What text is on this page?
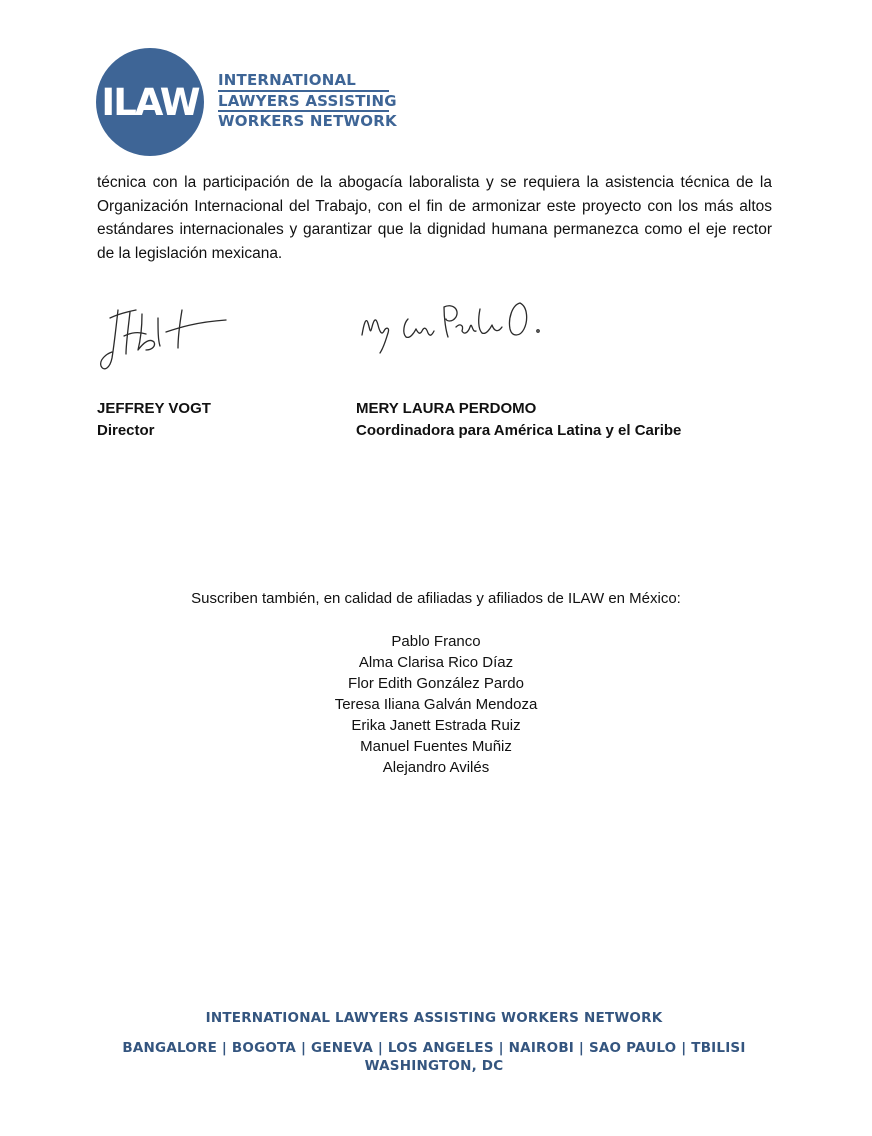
ILAW
INTERNATIONAL
LAWYERS ASSISTING
WORKERS NETWORK

técnica con la participación de la abogacía laboralista y se requiera la asistencia técnica de la Organización Internacional del Trabajo, con el fin de armonizar este proyecto con los más altos estándares internacionales y garantizar que la dignidad humana permanezca como el eje rector de la legislación mexicana.

JEFFREY VOGT
Director
MERY LAURA PERDOMO
Coordinadora para América Latina y el Caribe
Suscriben también, en calidad de afiliadas y afiliados de ILAW en México:
Pablo Franco
Alma Clarisa Rico Díaz
Flor Edith González Pardo
Teresa Iliana Galván Mendoza
Erika Janett Estrada Ruiz
Manuel Fuentes Muñiz
Alejandro Avilés
INTERNATIONAL LAWYERS ASSISTING WORKERS NETWORK
BANGALORE | BOGOTA | GENEVA | LOS ANGELES | NAIROBI | SAO PAULO | TBILISI
WASHINGTON, DC
